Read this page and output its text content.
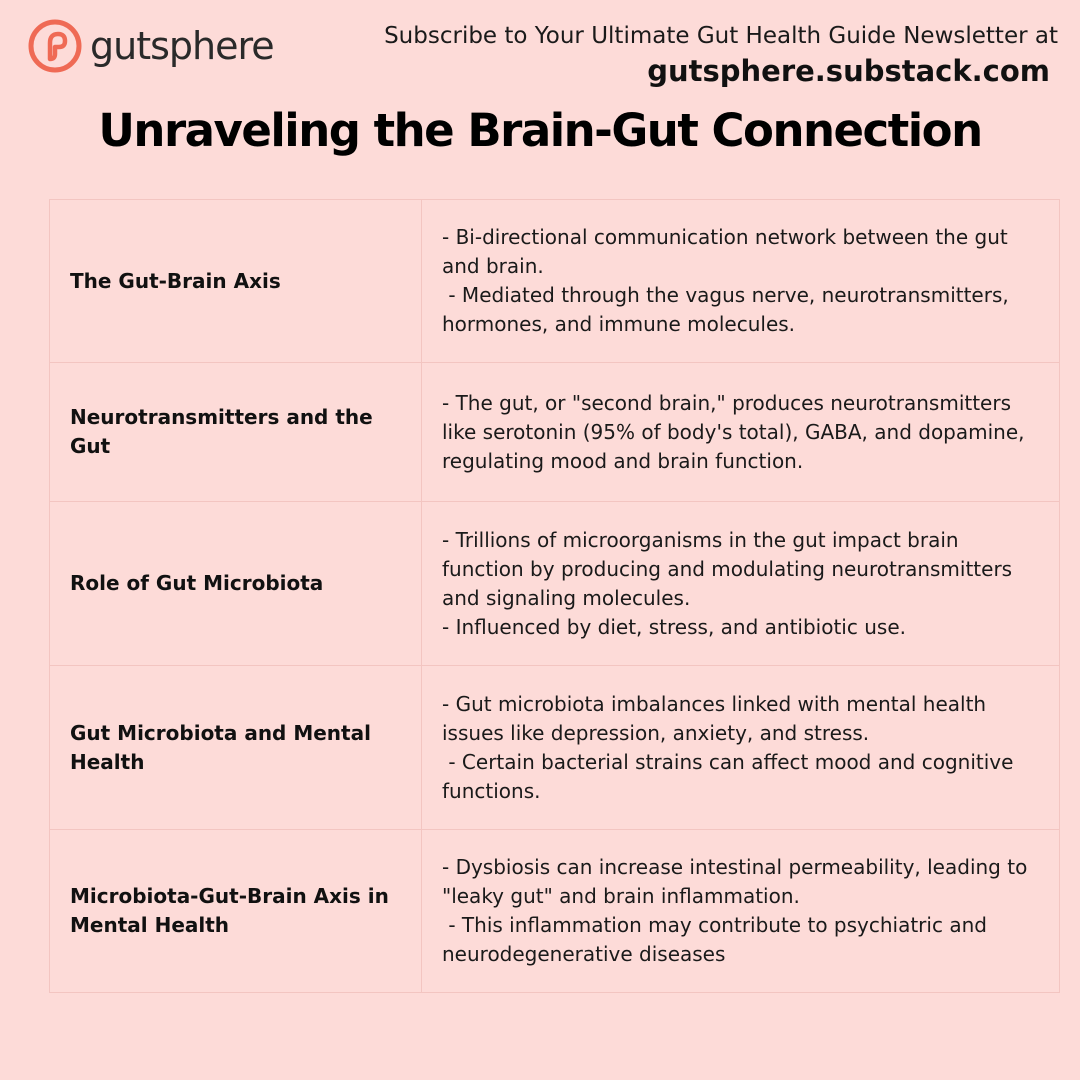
gutsphere	Subscribe to Your Ultimate Gut Health Guide Newsletter at
gutsphere.substack.com
Unraveling the Brain-Gut Connection
The Gut-Brain Axis	- Bi-directional communication network between the gut and brain.
- Mediated through the vagus nerve, neurotransmitters, hormones, and immune molecules.

Neurotransmitters and the Gut	- The gut, or "second brain," produces neurotransmitters like serotonin (95% of body's total), GABA, and dopamine, regulating mood and brain function.

Role of Gut Microbiota	- Trillions of microorganisms in the gut impact brain function by producing and modulating neurotransmitters and signaling molecules.
- Influenced by diet, stress, and antibiotic use.

Gut Microbiota and Mental Health	- Gut microbiota imbalances linked with mental health issues like depression, anxiety, and stress.
- Certain bacterial strains can affect mood and cognitive functions.

Microbiota-Gut-Brain Axis in Mental Health	- Dysbiosis can increase intestinal permeability, leading to "leaky gut" and brain inflammation.
- This inflammation may contribute to psychiatric and neurodegenerative diseases
